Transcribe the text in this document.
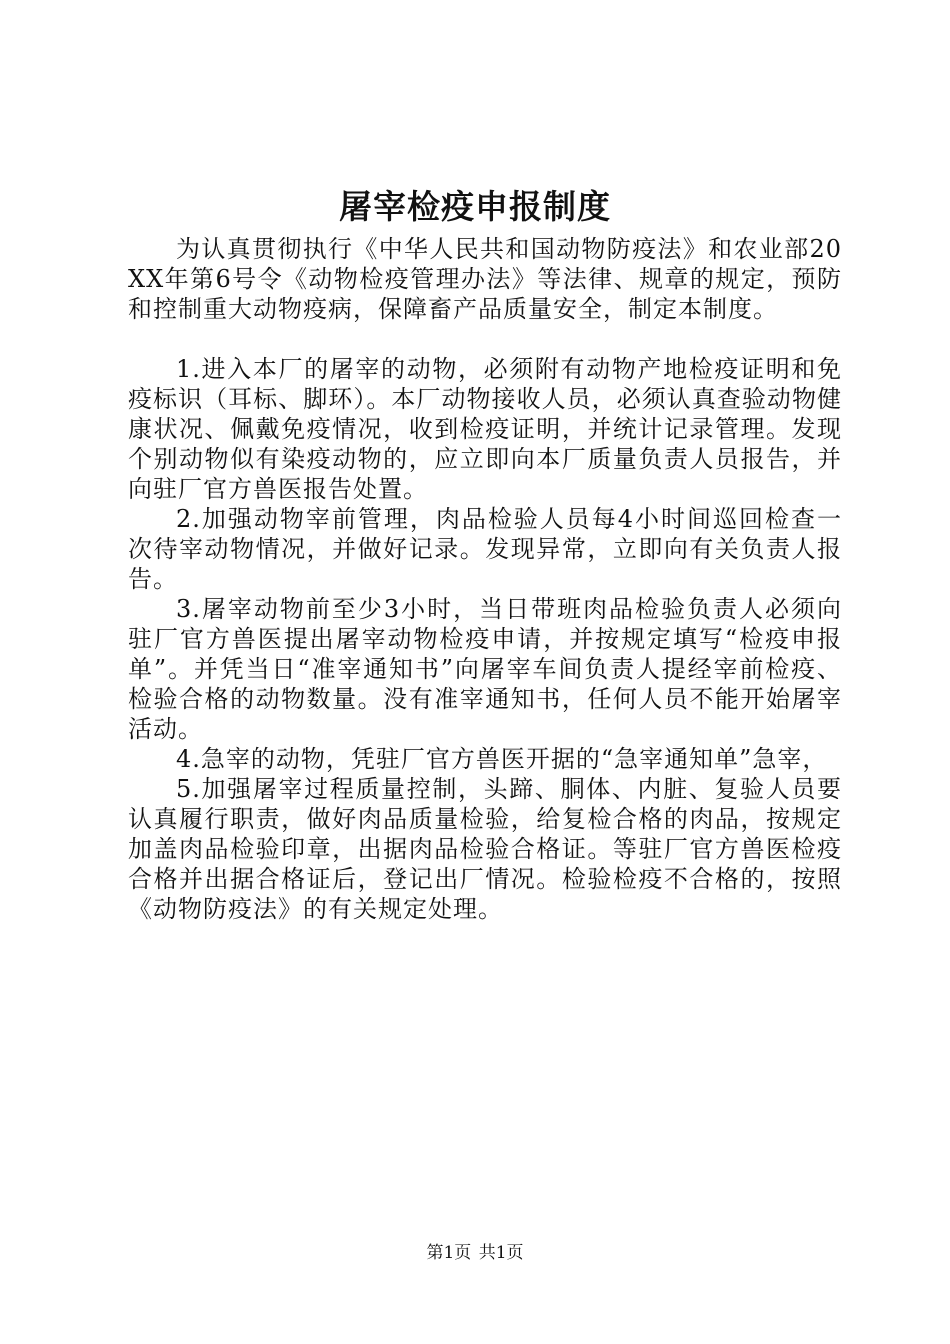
屠宰检疫申报制度

为认真贯彻执行《中华人民共和国动物防疫法》和农业部20XX年第6号令《动物检疫管理办法》等法律、规章的规定，预防和控制重大动物疫病，保障畜产品质量安全，制定本制度。

1.进入本厂的屠宰的动物，必须附有动物产地检疫证明和免疫标识（耳标、脚环）。本厂动物接收人员，必须认真查验动物健康状况、佩戴免疫情况，收到检疫证明，并统计记录管理。发现个别动物似有染疫动物的，应立即向本厂质量负责人员报告，并向驻厂官方兽医报告处置。

2.加强动物宰前管理，肉品检验人员每4小时间巡回检查一次待宰动物情况，并做好记录。发现异常，立即向有关负责人报告。

3.屠宰动物前至少3小时，当日带班肉品检验负责人必须向驻厂官方兽医提出屠宰动物检疫申请，并按规定填写“检疫申报单”。并凭当日“准宰通知书”向屠宰车间负责人提经宰前检疫、检验合格的动物数量。没有准宰通知书，任何人员不能开始屠宰活动。

4.急宰的动物，凭驻厂官方兽医开据的“急宰通知单”急宰，

5.加强屠宰过程质量控制，头蹄、胴体、内脏、复验人员要认真履行职责，做好肉品质量检验，给复检合格的肉品，按规定加盖肉品检验印章，出据肉品检验合格证。等驻厂官方兽医检疫合格并出据合格证后，登记出厂情况。检验检疫不合格的，按照《动物防疫法》的有关规定处理。

第1页 共1页
